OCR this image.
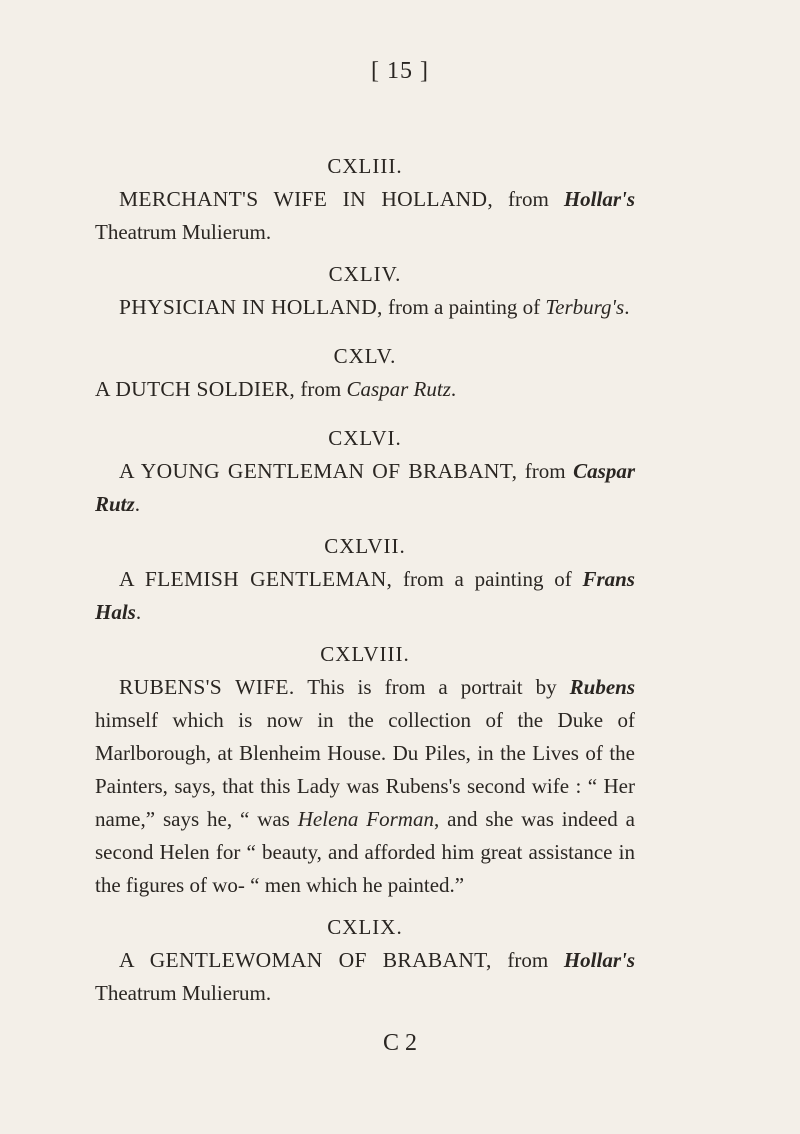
[ 15 ]

CXLIII.

MERCHANT'S WIFE IN HOLLAND, from Hollar's Theatrum Mulierum.

CXLIV.

PHYSICIAN IN HOLLAND, from a painting of Terburg's.

CXLV.

A DUTCH SOLDIER, from Caspar Rutz.

CXLVI.

A YOUNG GENTLEMAN OF BRABANT, from Caspar Rutz.

CXLVII.

A FLEMISH GENTLEMAN, from a painting of Frans Hals.

CXLVIII.

RUBENS'S WIFE. This is from a portrait by Rubens himself which is now in the collection of the Duke of Marlborough, at Blenheim House. Du Piles, in the Lives of the Painters, says, that this Lady was Rubens's second wife : “ Her name,” says he, “ was Helena Forman, and she was indeed a second Helen for “ beauty, and afforded him great assistance in the figures of wo- “ men which he painted.”

CXLIX.

A GENTLEWOMAN OF BRABANT, from Hollar's Theatrum Mulierum.

C 2
